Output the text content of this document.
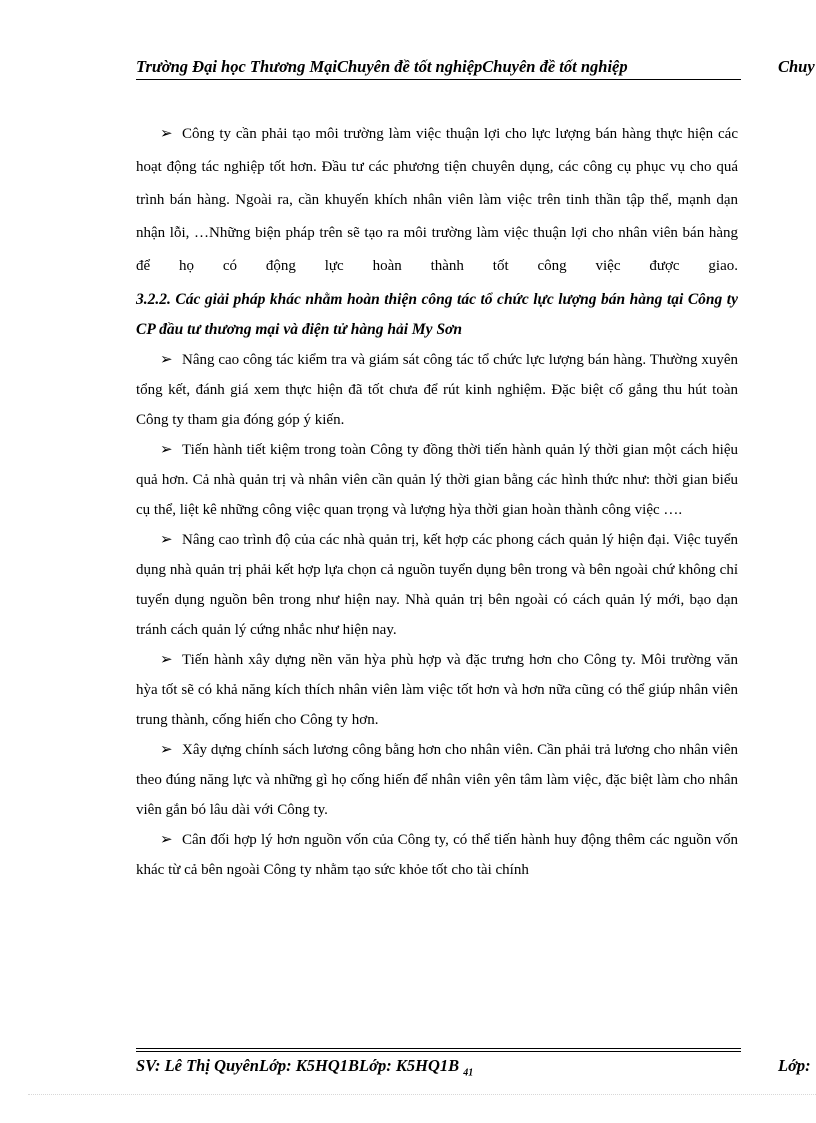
Trường Đại học Thương MạiChuyên đề tốt nghiệpChuyên đề tốt nghiệp	Chuy

➢ Công ty cần phải tạo môi trường làm việc thuận lợi cho lực lượng bán hàng thực hiện các hoạt động tác nghiệp tốt hơn. Đầu tư các phương tiện chuyên dụng, các công cụ phục vụ cho quá trình bán hàng. Ngoài ra, cần khuyến khích nhân viên làm việc trên tinh thần tập thể, mạnh dạn nhận lỗi, …Những biện pháp trên sẽ tạo ra môi trường làm việc thuận lợi cho nhân viên bán hàng để họ có động lực hoàn thành tốt công việc được giao.

3.2.2. Các giải pháp khác nhằm hoàn thiện công tác tổ chức lực lượng bán hàng tại Công ty CP đầu tư thương mại và điện tử hàng hải My Sơn

➢ Nâng cao công tác kiểm tra và giám sát công tác tổ chức lực lượng bán hàng. Thường xuyên tổng kết, đánh giá xem thực hiện đã tốt chưa để rút kinh nghiệm. Đặc biệt cố gắng thu hút toàn Công ty tham gia đóng góp ý kiến.

➢ Tiến hành tiết kiệm trong toàn Công ty đồng thời tiến hành quản lý thời gian một cách hiệu quả hơn. Cả nhà quản trị và nhân viên cần quản lý thời gian bằng các hình thức như: thời gian biểu cụ thể, liệt kê những công việc quan trọng và lượng hỳa thời gian hoàn thành công việc ….

➢ Nâng cao trình độ của các nhà quản trị, kết hợp các phong cách quản lý hiện đại. Việc tuyển dụng nhà quản trị phải kết hợp lựa chọn cả nguồn tuyển dụng bên trong và bên ngoài chứ không chỉ tuyển dụng nguồn bên trong như hiện nay. Nhà quản trị bên ngoài có cách quản lý mới, bạo dạn tránh cách quản lý cứng nhắc như hiện nay.

➢ Tiến hành xây dựng nền văn hỳa phù hợp và đặc trưng hơn cho Công ty. Môi trường văn hỳa tốt sẽ có khả năng kích thích nhân viên làm việc tốt hơn và hơn nữa cũng có thể giúp nhân viên trung thành, cống hiến cho Công ty hơn.

➢ Xây dựng chính sách lương công bằng hơn cho nhân viên. Cần phải trả lương cho nhân viên theo đúng năng lực và những gì họ cống hiến để nhân viên yên tâm làm việc, đặc biệt làm cho nhân viên gắn bó lâu dài với Công ty.

➢ Cân đối hợp lý hơn nguồn vốn của Công ty, có thể tiến hành huy động thêm các nguồn vốn khác từ cả bên ngoài Công ty nhằm tạo sức khỏe tốt cho tài chính

SV: Lê Thị QuyênLớp: K5HQ1BLớp: K5HQ1B $_{41}$	Lớp:
